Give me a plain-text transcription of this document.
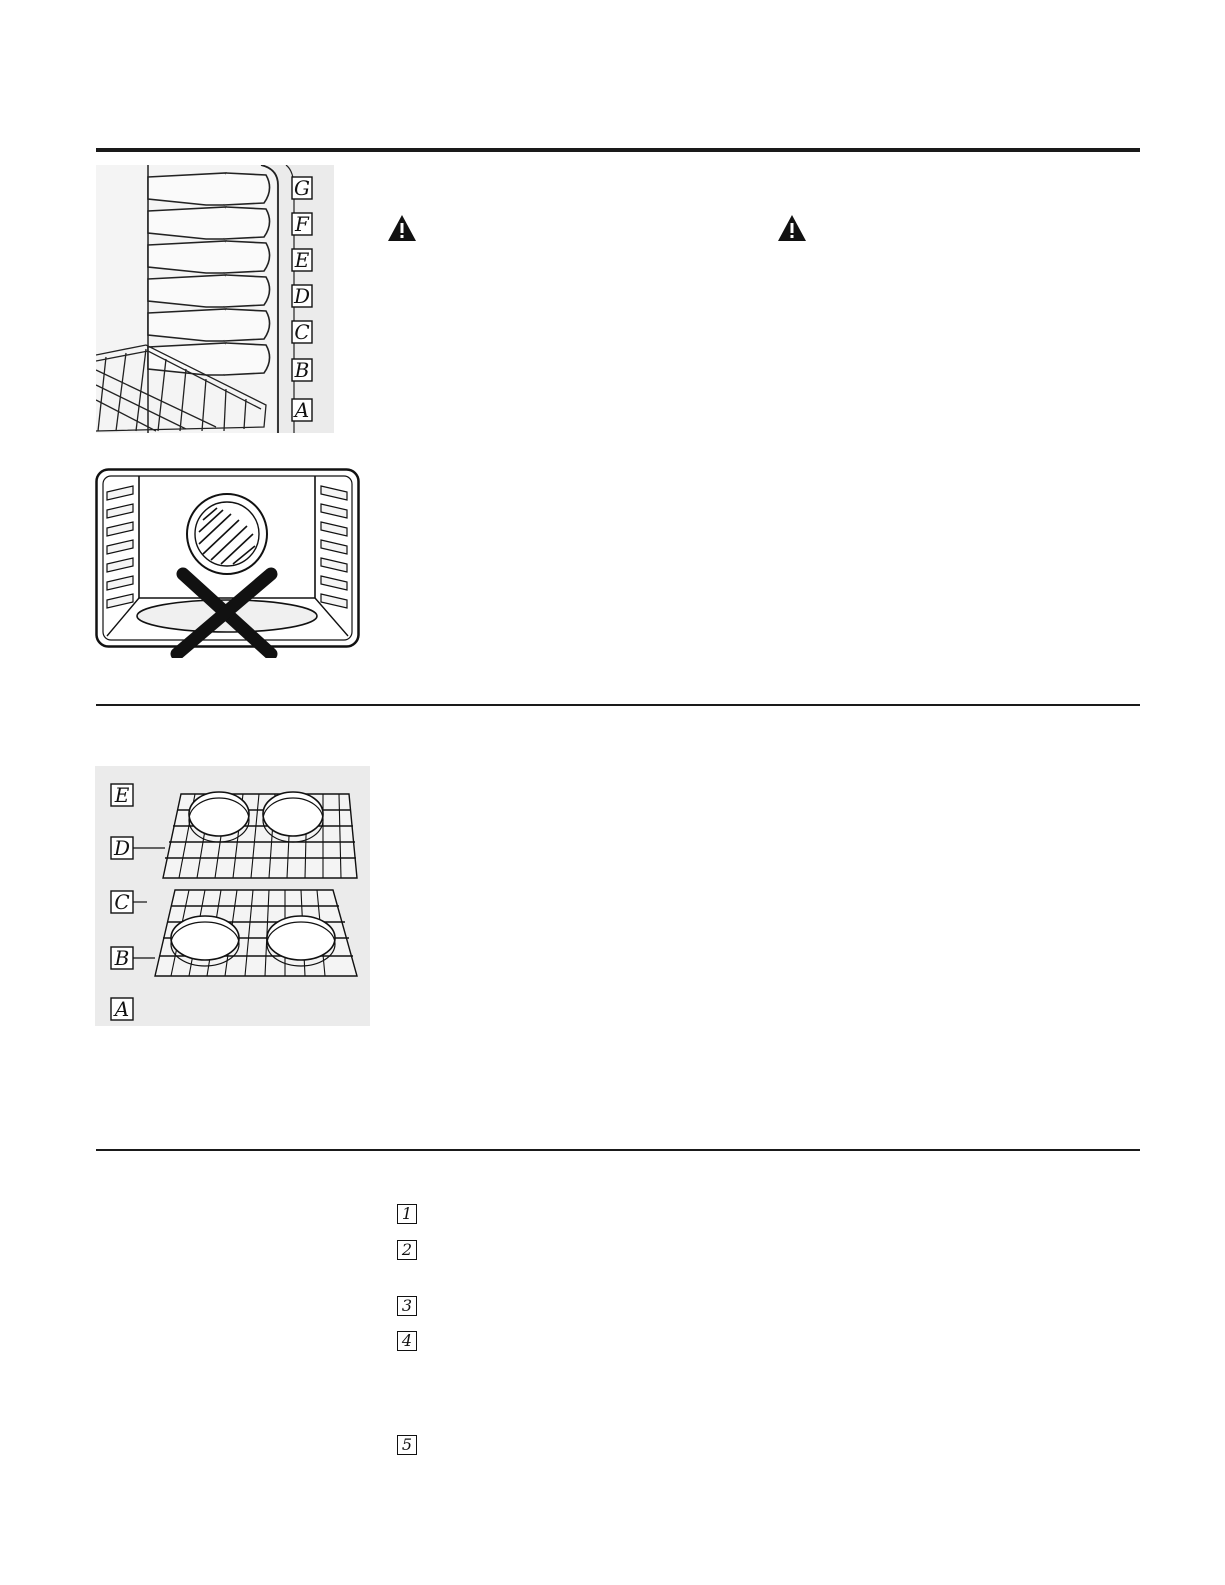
G
F
E
D
C
B
A
E
D
C
B
A
1
2
3
4
5
